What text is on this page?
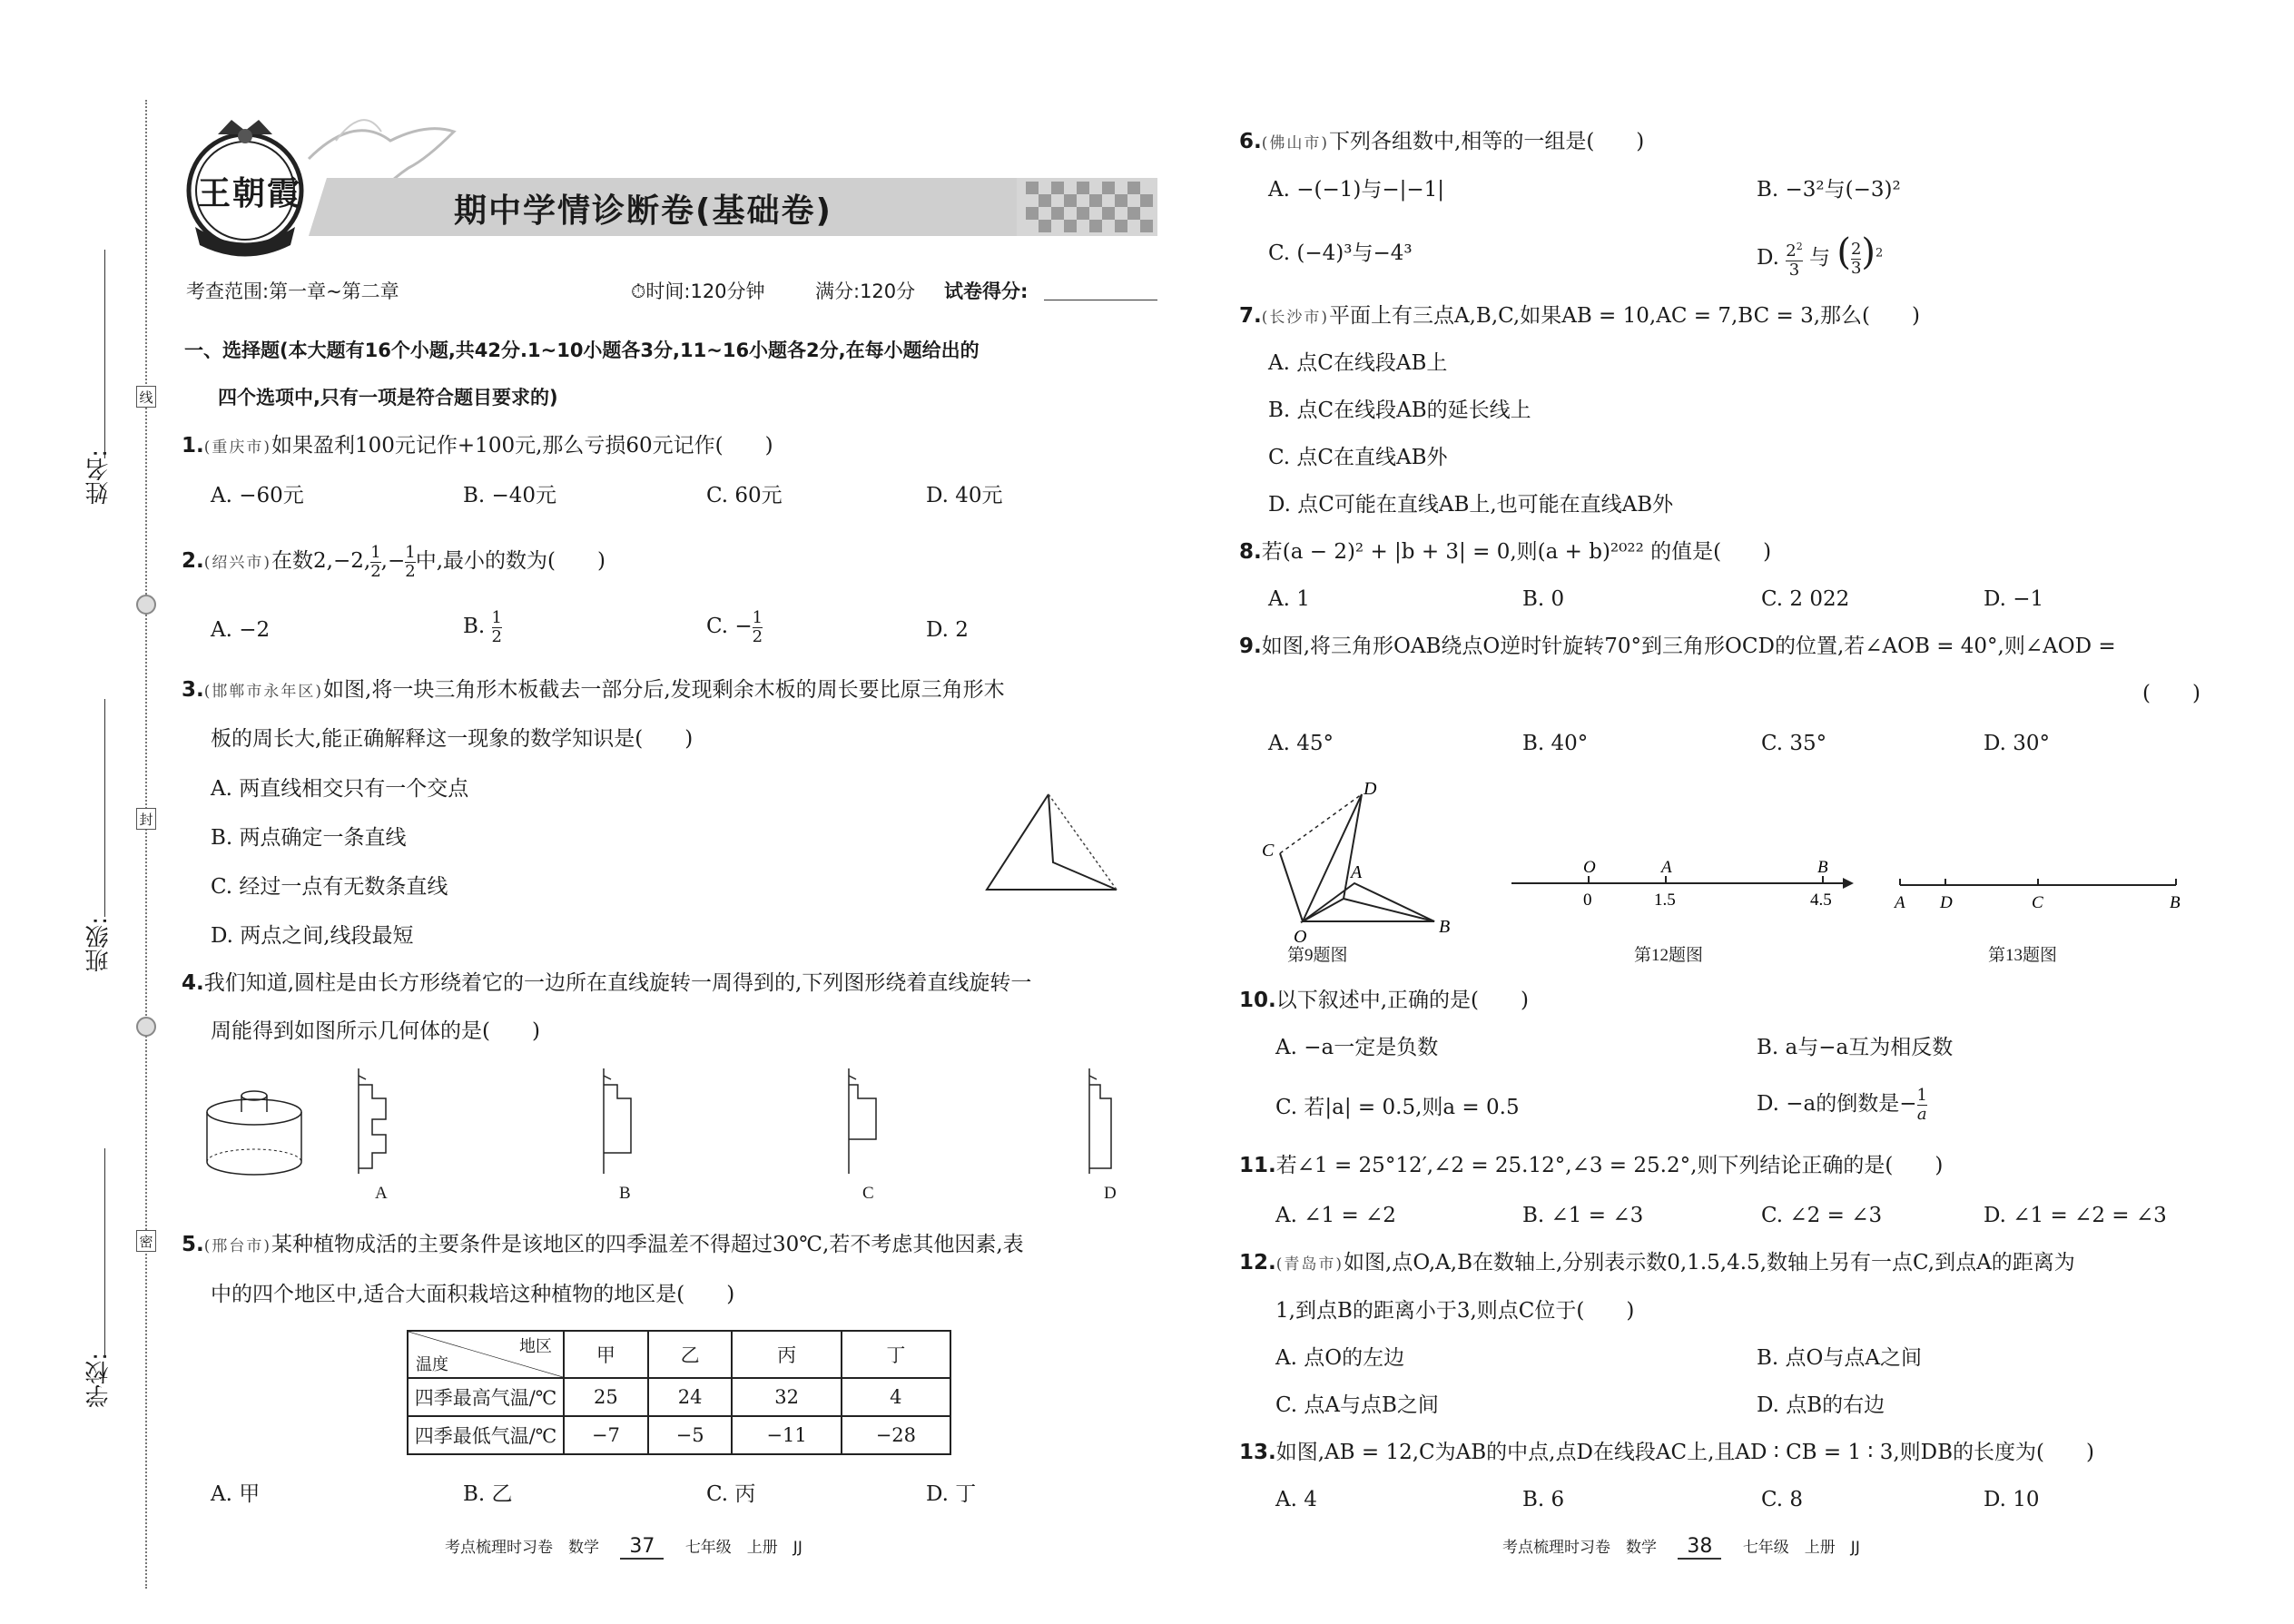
姓名:
班级:
学校:
线
封
密
王朝霞	期中学情诊断卷(基础卷)
考查范围:第一章~第二章	⏱时间:120分钟	满分:120分 试卷得分:
一、选择题(本大题有16个小题,共42分.1~10小题各3分,11~16小题各2分,在每小题给出的
四个选项中,只有一项是符合题目要求的)
1.(重庆市)如果盈利100元记作+100元,那么亏损60元记作(　　)
A. −60元	B. −40元	C. 60元	D. 40元
2.(绍兴市)在数2,−2, $\frac{1}{2}$ ,− $\frac{1}{2}$ 中,最小的数为(　　)
A. −2	B. $\frac{1}{2}$	C. − $\frac{1}{2}$	D. 2
3.(邯郸市永年区)如图,将一块三角形木板截去一部分后,发现剩余木板的周长要比原三角形木
板的周长大,能正确解释这一现象的数学知识是(　　)
A. 两直线相交只有一个交点
B. 两点确定一条直线
C. 经过一点有无数条直线
D. 两点之间,线段最短
4.我们知道,圆柱是由长方形绕着它的一边所在直线旋转一周得到的,下列图形绕着直线旋转一
周能得到如图所示几何体的是(　　)
A	B	C	D
5.(邢台市)某种植物成活的主要条件是该地区的四季温差不得超过30℃,若不考虑其他因素,表
中的四个地区中,适合大面积栽培这种植物的地区是(　　)
地区
温度	甲	乙	丙	丁
四季最高气温/℃	25	24	32	4
四季最低气温/℃	−7	−5	−11	−28
A. 甲	B. 乙	C. 丙	D. 丁
考点梳理时习卷　数学 37 七年级　上册　JJ
6.(佛山市)下列各组数中,相等的一组是(　　)
A. −(−1)与−|−1|	B. −3²与(−3)²
C. (−4)³与−4³	D. $\frac{2^2}{3}$ 与 ( $\frac{2}{3} )^2$
7.(长沙市)平面上有三点A,B,C,如果AB = 10,AC = 7,BC = 3,那么(　　)
A. 点C在线段AB上
B. 点C在线段AB的延长线上
C. 点C在直线AB外
D. 点C可能在直线AB上,也可能在直线AB外
8.若(a − 2)² + |b + 3| = 0,则(a + b)²⁰²² 的值是(　　)
A. 1	B. 0	C. 2 022	D. −1
9.如图,将三角形OAB绕点O逆时针旋转70°到三角形OCD的位置,若∠AOB = 40°,则∠AOD =
(　　)
A. 45°	B. 40°	C. 35°	D. 30°
D
C
A
O	B
第9题图
O	A	B
0	1.5	4.5
第12题图
A D	C	B
第13题图
10.以下叙述中,正确的是(　　)
A. −a一定是负数	B. a与−a互为相反数
C. 若|a| = 0.5,则a = 0.5	D. −a的倒数是− $\frac{1}{a}$
11.若∠1 = 25°12′,∠2 = 25.12°,∠3 = 25.2°,则下列结论正确的是(　　)
A. ∠1 = ∠2	B. ∠1 = ∠3	C. ∠2 = ∠3	D. ∠1 = ∠2 = ∠3
12.(青岛市)如图,点O,A,B在数轴上,分别表示数0,1.5,4.5,数轴上另有一点C,到点A的距离为
1,到点B的距离小于3,则点C位于(　　)
A. 点O的左边	B. 点O与点A之间
C. 点A与点B之间	D. 点B的右边
13.如图,AB = 12,C为AB的中点,点D在线段AC上,且AD ∶ CB = 1 ∶ 3,则DB的长度为(　　)
A. 4	B. 6	C. 8	D. 10
考点梳理时习卷　数学 38 七年级　上册　JJ
